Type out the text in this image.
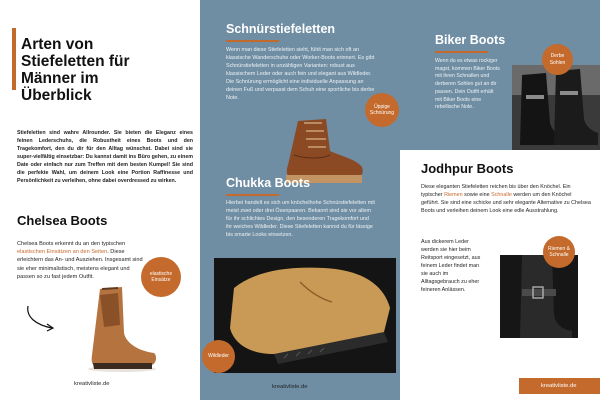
Arten von
Stiefeletten für
Männer im
Überblick

Stiefeletten sind wahre Allrounder. Sie bieten die Eleganz eines feinen Lederschuhs, die Robustheit eines Boots und den Tragekomfort, den du dir für den Alltag wünschst. Dabei sind sie super-vielfältig einsetzbar: Du kannst damit ins Büro gehen, zu einem Date oder einfach nur zum Treffen mit dem besten Kumpel! Sie sind die perfekte Wahl, um deinem Look eine Portion Raffinesse und Persönlichkeit zu verleihen, ohne dabei overdressed zu wirken.

Chelsea Boots

Chelsea Boots erkennt du an den typischen elastischen Einsätzen an den Seiten. Diese erleichtern das An- und Ausziehen. Insgesamt sind sie eher minimalistisch, meistens elegant und passen so zu fast jedem Outfit.

elastische Einsätze
kreativliste.de
Schnürstiefeletten

Wenn man diese Stiefeletten sieht, fühlt man sich oft an klassische Wanderschuhe oder Worker-Boots erinnert. Es gibt Schnürstiefeletten in unzähligen Varianten: robust aus klassischem Leder oder auch fein und elegant aus Wildleder. Die Schnürung ermöglicht eine individuelle Anpassung an deinen Fuß und verpasst dem Schuh eine sportliche bis derbe Note.

Üppige Schnürung
Chukka Boots

Hierbei handelt es sich um knöchelhohe Schnürstiefeletten mit meist zwei oder drei Ösenpaaren. Bekannt sind sie vor allem für ihr schlichtes Design, den besonderen Tragekomfort und ihr weiches Wildleder. Diese Stiefeletten kannst du für lässige bis smarte Looks einsetzen.

Wildleder
kreativliste.de
Biker Boots

Wenn du es etwas rockiger magst, kommen Biker Boots mit ihren Schnallen und derberen Sohlen gut an dir passen. Dein Outfit erhält mit Biker Boots eine rebellische Note.

Derbe Sohlen
Jodhpur Boots
Diese eleganten Stiefeletten reichen bis über den Knöchel. Ein typischer Riemen sowie eine Schnalle werden um den Knöchel geführt. Sie sind eine schicke und sehr elegante Alternative zu Chelsea Boots und verleihen deinem Look eine edle Ausstrahlung.

Aus dickerem Leder werden sie hier beim Reitsport eingesetzt, aus feinem Leder findet man sie auch im Alltagsgebrauch zu eher feineren Anlässen.

Riemen & Schnalle
kreativliste.de
